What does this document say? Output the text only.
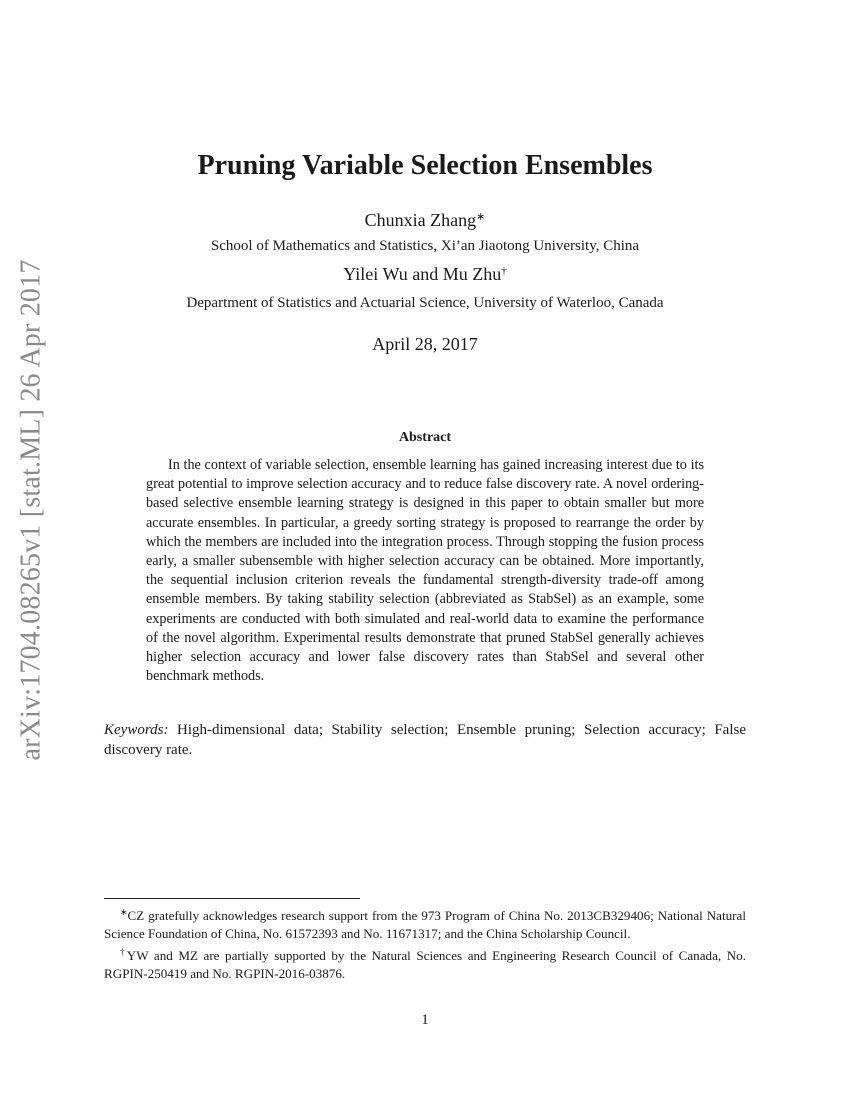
arXiv:1704.08265v1 [stat.ML] 26 Apr 2017
Pruning Variable Selection Ensembles
Chunxia Zhang∗
School of Mathematics and Statistics, Xi’an Jiaotong University, China
Yilei Wu and Mu Zhu†
Department of Statistics and Actuarial Science, University of Waterloo, Canada
April 28, 2017
Abstract

In the context of variable selection, ensemble learning has gained increasing interest due to its great potential to improve selection accuracy and to reduce false discovery rate. A novel ordering-based selective ensemble learning strategy is designed in this paper to obtain smaller but more accurate ensembles. In particular, a greedy sorting strategy is proposed to rearrange the order by which the members are included into the integration process. Through stopping the fusion process early, a smaller subensemble with higher selection accuracy can be obtained. More importantly, the sequential inclusion criterion reveals the fundamental strength-diversity trade-off among ensemble members. By taking stability selection (abbreviated as StabSel) as an example, some experiments are conducted with both simulated and real-world data to examine the performance of the novel algorithm. Experimental results demonstrate that pruned StabSel generally achieves higher selection accuracy and lower false discovery rates than StabSel and several other benchmark methods.

Keywords: High-dimensional data; Stability selection; Ensemble pruning; Selection accuracy; False discovery rate.

∗CZ gratefully acknowledges research support from the 973 Program of China No. 2013CB329406; National Natural Science Foundation of China, No. 61572393 and No. 11671317; and the China Scholarship Council.

†YW and MZ are partially supported by the Natural Sciences and Engineering Research Council of Canada, No. RGPIN-250419 and No. RGPIN-2016-03876.

1
